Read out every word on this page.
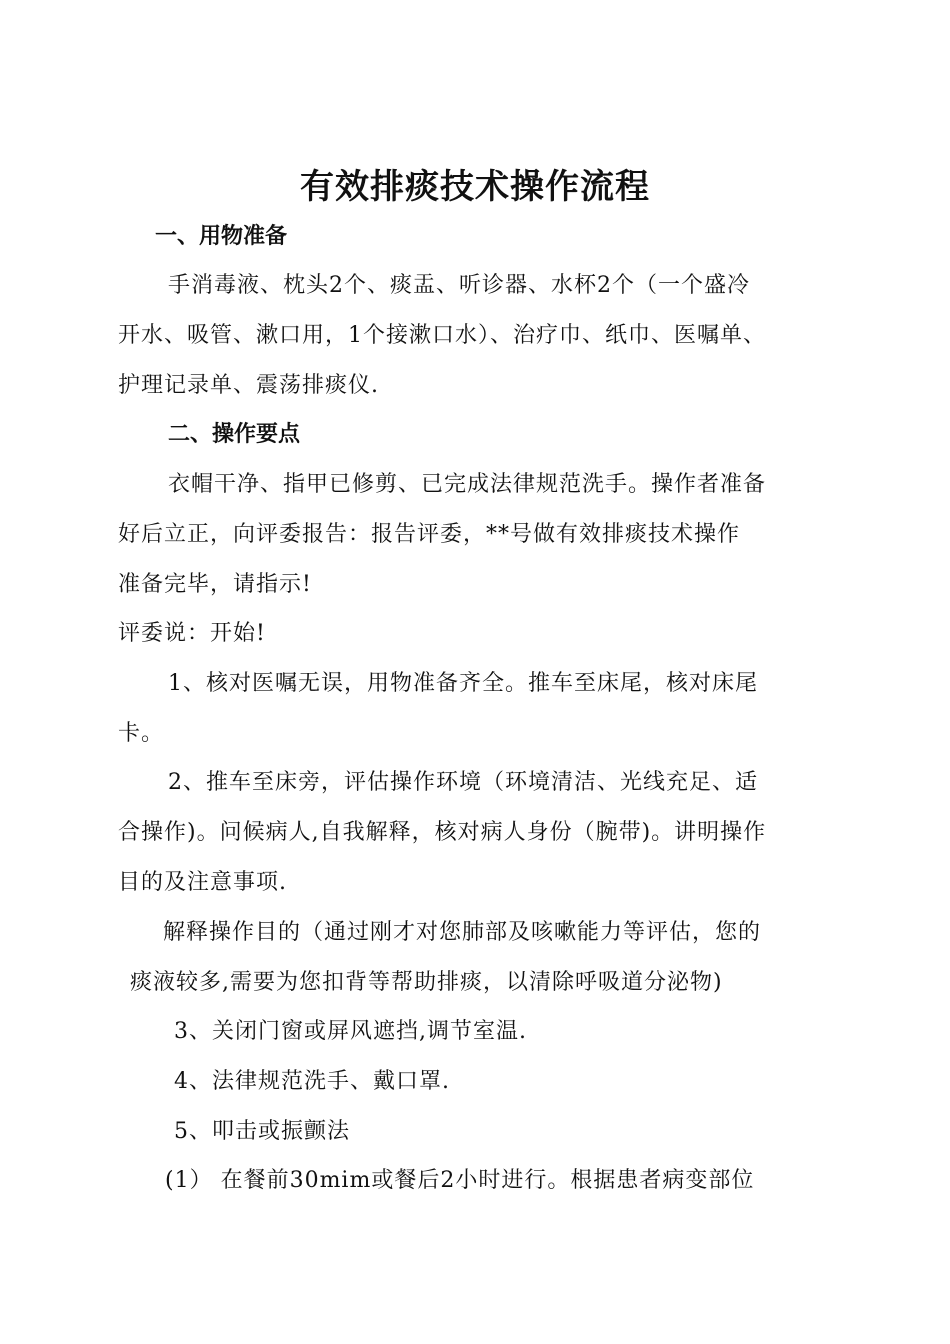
有效排痰技术操作流程
一、用物准备
手消毒液、枕头2个、痰盂、听诊器、水杯2个（一个盛冷
开水、吸管、漱口用，1个接漱口水）、治疗巾、纸巾、医嘱单、
护理记录单、震荡排痰仪.
二、操作要点
衣帽干净、指甲已修剪、已完成法律规范洗手。操作者准备
好后立正，向评委报告：报告评委，**号做有效排痰技术操作
准备完毕，请指示!
评委说：开始!
1、核对医嘱无误，用物准备齐全。推车至床尾，核对床尾
卡。
2、推车至床旁，评估操作环境（环境清洁、光线充足、适
合操作)。问候病人,自我解释，核对病人身份（腕带)。讲明操作
目的及注意事项.
解释操作目的（通过刚才对您肺部及咳嗽能力等评估，您的
痰液较多,需要为您扣背等帮助排痰，以清除呼吸道分泌物)
3、关闭门窗或屏风遮挡,调节室温.
4、法律规范洗手、戴口罩.
5、叩击或振颤法
(1） 在餐前30mim或餐后2小时进行。根据患者病变部位
